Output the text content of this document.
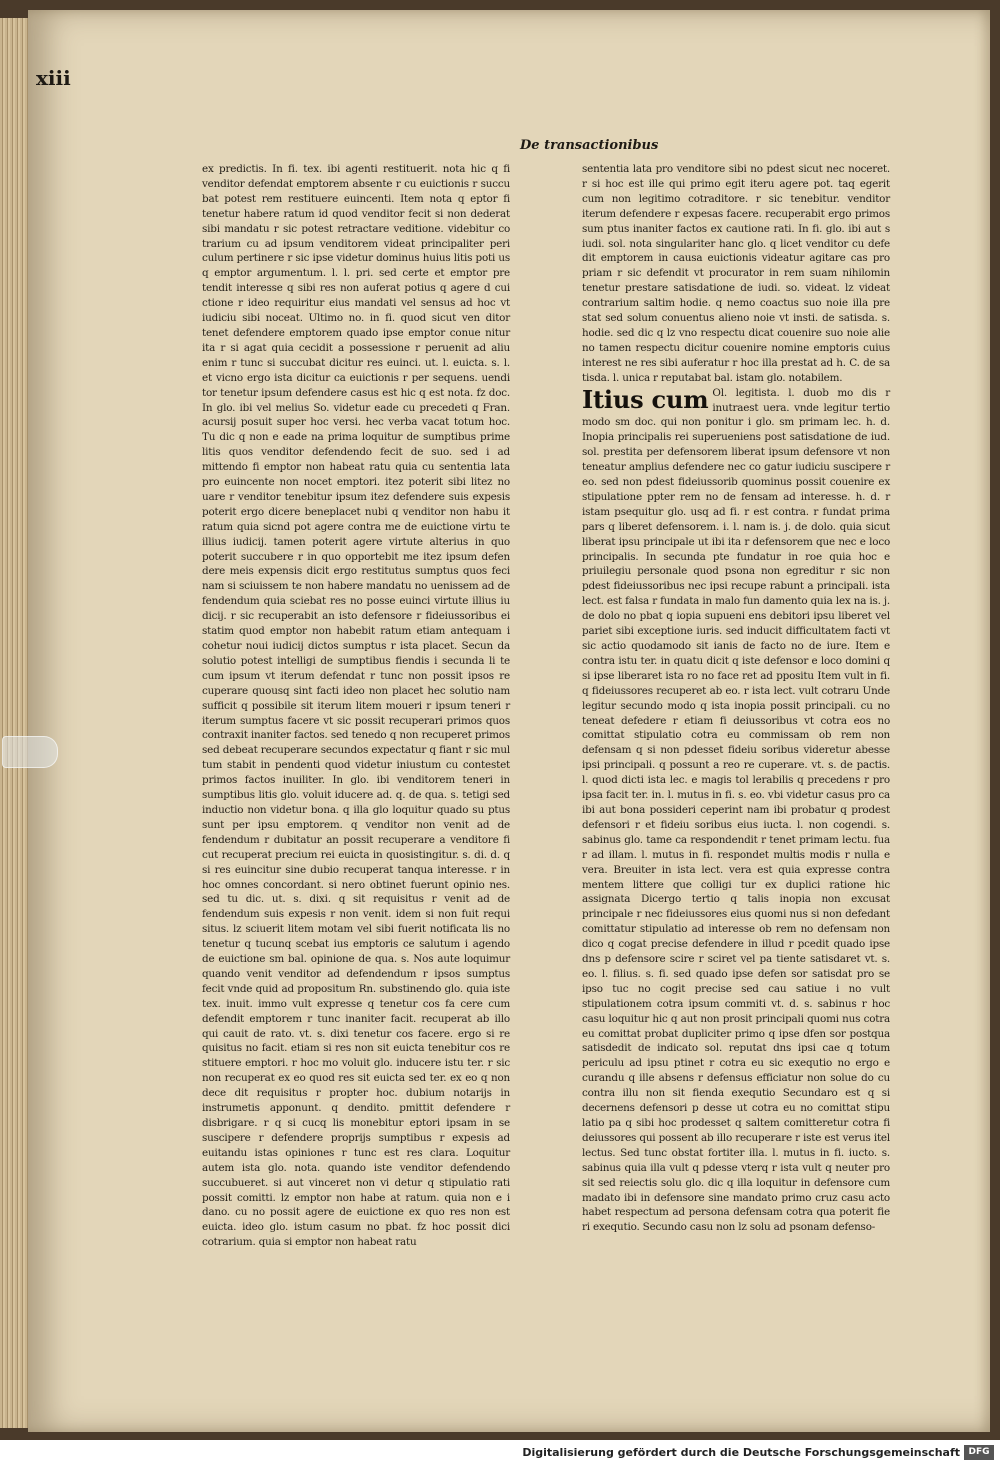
xiii
De transactionibus

ex predictis. In fi. tex. ibi agenti restituerit. nota hic q fi venditor defendat emptorem absente r cu euictionis r succu bat potest rem restituere euincenti. Item nota q eptor fi tenetur habere ratum id quod venditor fecit si non dederat sibi mandatu r sic potest retractare veditione. videbitur co trarium cu ad ipsum venditorem videat principaliter peri culum pertinere r sic ipse videtur dominus huius litis poti us q emptor argumentum. l. l. pri. sed certe et emptor pre tendit interesse q sibi res non auferat potius q agere d cui ctione r ideo requiritur eius mandati vel sensus ad hoc vt iudiciu sibi noceat. Ultimo no. in fi. quod sicut ven ditor tenet defendere emptorem quado ipse emptor conue nitur ita r si agat quia cecidit a possessione r peruenit ad aliu enim r tunc si succubat dicitur res euinci. ut. l. euicta. s. l. et vicno ergo ista dicitur ca euictionis r per sequens. uendi tor tenetur ipsum defendere casus est hic q est nota. fz doc. In glo. ibi vel melius So. videtur eade cu precedeti q Fran. acursij posuit super hoc versi. hec verba vacat totum hoc. Tu dic q non e eade na prima loquitur de sumptibus prime litis quos venditor defendendo fecit de suo. sed i ad mittendo fi emptor non habeat ratu quia cu sententia lata pro euincente non nocet emptori. itez poterit sibi litez no uare r venditor tenebitur ipsum itez defendere suis expesis poterit ergo dicere beneplacet nubi q venditor non habu it ratum quia sicnd pot agere contra me de euictione virtu te illius iudicij. tamen poterit agere virtute alterius in quo poterit succubere r in quo opportebit me itez ipsum defen dere meis expensis dicit ergo restitutus sumptus quos feci nam si sciuissem te non habere mandatu no uenissem ad de fendendum quia sciebat res no posse euinci virtute illius iu dicij. r sic recuperabit an isto defensore r fideiussoribus ei statim quod emptor non habebit ratum etiam antequam i cohetur noui iudicij dictos sumptus r ista placet. Secun da solutio potest intelligi de sumptibus fiendis i secunda li te cum ipsum vt iterum defendat r tunc non possit ipsos re cuperare quousq sint facti ideo non placet hec solutio nam sufficit q possibile sit iterum litem moueri r ipsum teneri r iterum sumptus facere vt sic possit recuperari primos quos contraxit inaniter factos. sed tenedo q non recuperet primos sed debeat recuperare secundos expectatur q fiant r sic mul tum stabit in pendenti quod videtur iniustum cu contestet primos factos inuiliter. In glo. ibi venditorem teneri in sumptibus litis glo. voluit iducere ad. q. de qua. s. tetigi sed inductio non videtur bona. q illa glo loquitur quado su ptus sunt per ipsu emptorem. q venditor non venit ad de fendendum r dubitatur an possit recuperare a venditore fi cut recuperat precium rei euicta in quosistingitur. s. di. d. q si res euincitur sine dubio recuperat tanqua interesse. r in hoc omnes concordant. si nero obtinet fuerunt opinio nes. sed tu dic. ut. s. dixi. q sit requisitus r venit ad de fendendum suis expesis r non venit. idem si non fuit requi situs. lz sciuerit litem motam vel sibi fuerit notificata lis no tenetur q tucunq scebat ius emptoris ce salutum i agendo de euictione sm bal. opinione de qua. s. Nos aute loquimur quando venit venditor ad defendendum r ipsos sumptus fecit vnde quid ad propositum Rn. substinendo glo. quia iste tex. inuit. immo vult expresse q tenetur cos fa cere cum defendit emptorem r tunc inaniter facit. recuperat ab illo qui cauit de rato. vt. s. dixi tenetur cos facere. ergo si re quisitus no facit. etiam si res non sit euicta tenebitur cos re stituere emptori. r hoc mo voluit glo. inducere istu ter. r sic non recuperat ex eo quod res sit euicta sed ter. ex eo q non dece dit requisitus r propter hoc. dubium notarijs in instrumetis apponunt. q dendito. pmittit defendere r disbrigare. r q si cucq lis monebitur eptori ipsam in se suscipere r defendere proprijs sumptibus r expesis ad euitandu istas opiniones r tunc est res clara. Loquitur autem ista glo. nota. quando iste venditor defendendo succubueret. si aut vinceret non vi detur q stipulatio rati possit comitti. lz emptor non habe at ratum. quia non e i dano. cu no possit agere de euictione ex quo res non est euicta. ideo glo. istum casum no pbat. fz hoc possit dici cotrarium. quia si emptor non habeat ratu

sententia lata pro venditore sibi no pdest sicut nec noceret. r si hoc est ille qui primo egit iteru agere pot. taq egerit cum non legitimo cotraditore. r sic tenebitur. venditor iterum defendere r expesas facere. recuperabit ergo primos sum ptus inaniter factos ex cautione rati. In fi. glo. ibi aut s iudi. sol. nota singulariter hanc glo. q licet venditor cu defe dit emptorem in causa euictionis videatur agitare cas pro priam r sic defendit vt procurator in rem suam nihilomin tenetur prestare satisdatione de iudi. so. videat. lz videat contrarium saltim hodie. q nemo coactus suo noie illa pre stat sed solum conuentus alieno noie vt insti. de satisda. s. hodie. sed dic q lz vno respectu dicat couenire suo noie alie no tamen respectu dicitur couenire nomine emptoris cuius interest ne res sibi auferatur r hoc illa prestat ad h. C. de sa tisda. l. unica r reputabat bal. istam glo. notabilem.

Itius cum Ol. legitista. l. duob mo dis r inutraest uera. vnde legitur tertio modo sm doc. qui non ponitur i glo. sm primam lec. h. d. Inopia principalis rei superueniens post satisdatione de iud. sol. prestita per defensorem liberat ipsum defensore vt non teneatur amplius defendere nec co gatur iudiciu suscipere r eo. sed non pdest fideiussorib quominus possit couenire ex stipulatione ppter rem no de fensam ad interesse. h. d. r istam psequitur glo. usq ad fi. r est contra. r fundat prima pars q liberet defensorem. i. l. nam is. j. de dolo. quia sicut liberat ipsu principale ut ibi ita r defensorem que nec e loco principalis. In secunda pte fundatur in roe quia hoc e priuilegiu personale quod psona non egreditur r sic non pdest fideiussoribus nec ipsi recupe rabunt a principali. ista lect. est falsa r fundata in malo fun damento quia lex na is. j. de dolo no pbat q iopia supueni ens debitori ipsu liberet vel pariet sibi exceptione iuris. sed inducit difficultatem facti vt sic actio quodamodo sit ianis de facto no de iure. Item e contra istu ter. in quatu dicit q iste defensor e loco domini q si ipse liberaret ista ro no face ret ad ppositu Item vult in fi. q fideiussores recuperet ab eo. r ista lect. vult cotraru Unde legitur secundo modo q ista inopia possit principali. cu no teneat defedere r etiam fi deiussoribus vt cotra eos no comittat stipulatio cotra eu commissam ob rem non defensam q si non pdesset fideiu soribus videretur abesse ipsi principali. q possunt a reo re cuperare. vt. s. de pactis. l. quod dicti ista lec. e magis tol lerabilis q precedens r pro ipsa facit ter. in. l. mutus in fi. s. eo. vbi videtur casus pro ca ibi aut bona possideri ceperint nam ibi probatur q prodest defensori r et fideiu soribus eius iucta. l. non cogendi. s. sabinus glo. tame ca respondendit r tenet primam lectu. fua r ad illam. l. mutus in fi. respondet multis modis r nulla e vera. Breuiter in ista lect. vera est quia expresse contra mentem littere que colligi tur ex duplici ratione hic assignata Dicergo tertio q talis inopia non excusat principale r nec fideiussores eius quomi nus si non defedant comittatur stipulatio ad interesse ob rem no defensam non dico q cogat precise defendere in illud r pcedit quado ipse dns p defensore scire r sciret vel pa tiente satisdaret vt. s. eo. l. filius. s. fi. sed quado ipse defen sor satisdat pro se ipso tuc no cogit precise sed cau satiue i no vult stipulationem cotra ipsum commiti vt. d. s. sabinus r hoc casu loquitur hic q aut non prosit principali quomi nus cotra eu comittat probat dupliciter primo q ipse dfen sor postqua satisdedit de indicato sol. reputat dns ipsi cae q totum periculu ad ipsu ptinet r cotra eu sic exequtio no ergo e curandu q ille absens r defensus efficiatur non solue do cu contra illu non sit fienda exequtio Secundaro est q si decernens defensori p desse ut cotra eu no comittat stipu latio pa q sibi hoc prodesset q saltem comitteretur cotra fi deiussores qui possent ab illo recuperare r iste est verus itel lectus. Sed tunc obstat fortiter illa. l. mutus in fi. iucto. s. sabinus quia illa vult q pdesse vterq r ista vult q neuter pro sit sed reiectis solu glo. dic q illa loquitur in defensore cum madato ibi in defensore sine mandato primo cruz casu acto habet respectum ad persona defensam cotra qua poterit fie ri exequtio. Secundo casu non lz solu ad psonam defenso-

Digitalisierung gefördert durch die Deutsche Forschungsgemeinschaft DFG
